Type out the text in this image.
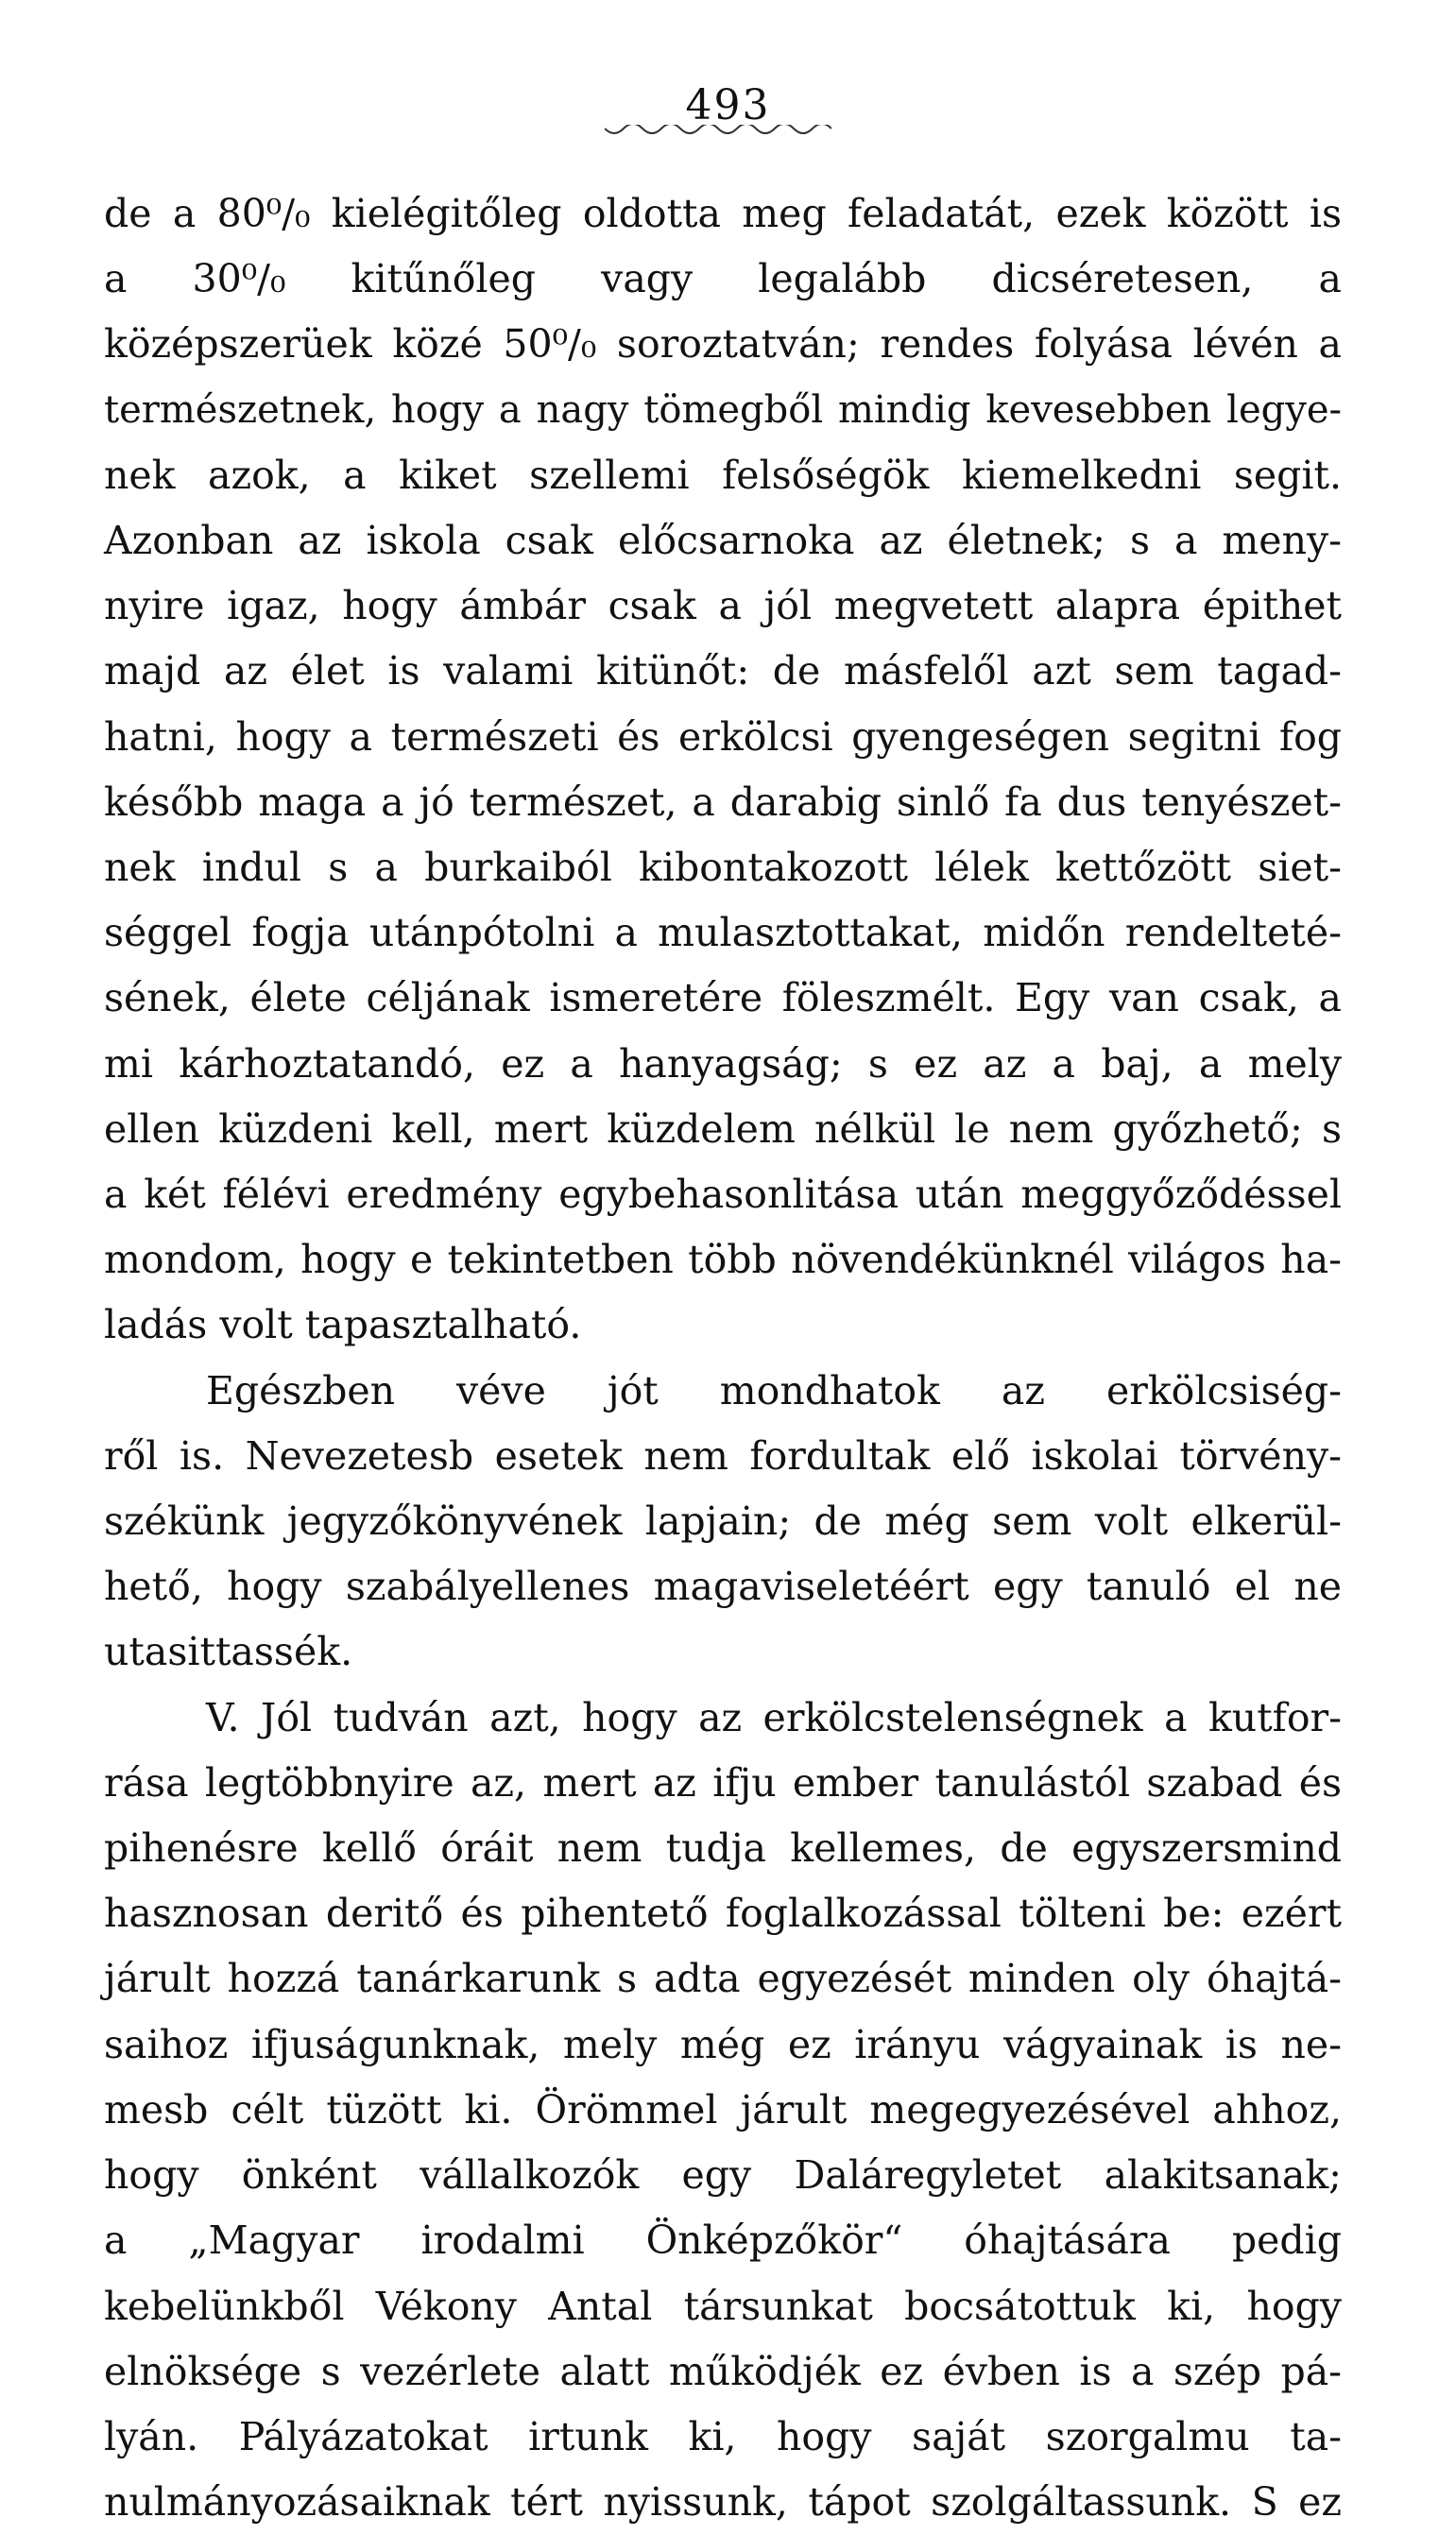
493
de a 80⁰/₀ kielégitőleg oldotta meg feladatát, ezek között is
a 30⁰/₀ kitűnőleg vagy legalább dicséretesen, a
középszerüek közé 50⁰/₀ soroztatván; rendes folyása lévén a
természetnek, hogy a nagy tömegből mindig kevesebben legye-
nek azok, a kiket szellemi felsőségök kiemelkedni segit.
Azonban az iskola csak előcsarnoka az életnek; s a meny-
nyire igaz, hogy ámbár csak a jól megvetett alapra épithet
majd az élet is valami kitünőt: de másfelől azt sem tagad-
hatni, hogy a természeti és erkölcsi gyengeségen segitni fog
később maga a jó természet, a darabig sinlő fa dus tenyészet-
nek indul s a burkaiból kibontakozott lélek kettőzött siet-
séggel fogja utánpótolni a mulasztottakat, midőn rendelteté-
sének, élete céljának ismeretére föleszmélt. Egy van csak, a
mi kárhoztatandó, ez a hanyagság; s ez az a baj, a mely
ellen küzdeni kell, mert küzdelem nélkül le nem győzhető; s
a két félévi eredmény egybehasonlitása után meggyőződéssel
mondom, hogy e tekintetben több növendékünknél világos ha-
ladás volt tapasztalható.
Egészben véve jót mondhatok az erkölcsiség-
ről is. Nevezetesb esetek nem fordultak elő iskolai törvény-
székünk jegyzőkönyvének lapjain; de még sem volt elkerül-
hető, hogy szabályellenes magaviseletéért egy tanuló el ne
utasittassék.
V. Jól tudván azt, hogy az erkölcstelenségnek a kutfor-
rása legtöbbnyire az, mert az ifju ember tanulástól szabad és
pihenésre kellő óráit nem tudja kellemes, de egyszersmind
hasznosan deritő és pihentető foglalkozással tölteni be: ezért
járult hozzá tanárkarunk s adta egyezését minden oly óhajtá-
saihoz ifjuságunknak, mely még ez irányu vágyainak is ne-
mesb célt tüzött ki. Örömmel járult megegyezésével ahhoz,
hogy önként vállalkozók egy Daláregyletet alakitsanak;
a „Magyar irodalmi Önképzőkör“ óhajtására pedig
kebelünkből Vékony Antal társunkat bocsátottuk ki, hogy
elnöksége s vezérlete alatt működjék ez évben is a szép pá-
lyán. Pályázatokat irtunk ki, hogy saját szorgalmu ta-
nulmányozásaiknak tért nyissunk, tápot szolgáltassunk. S ez
